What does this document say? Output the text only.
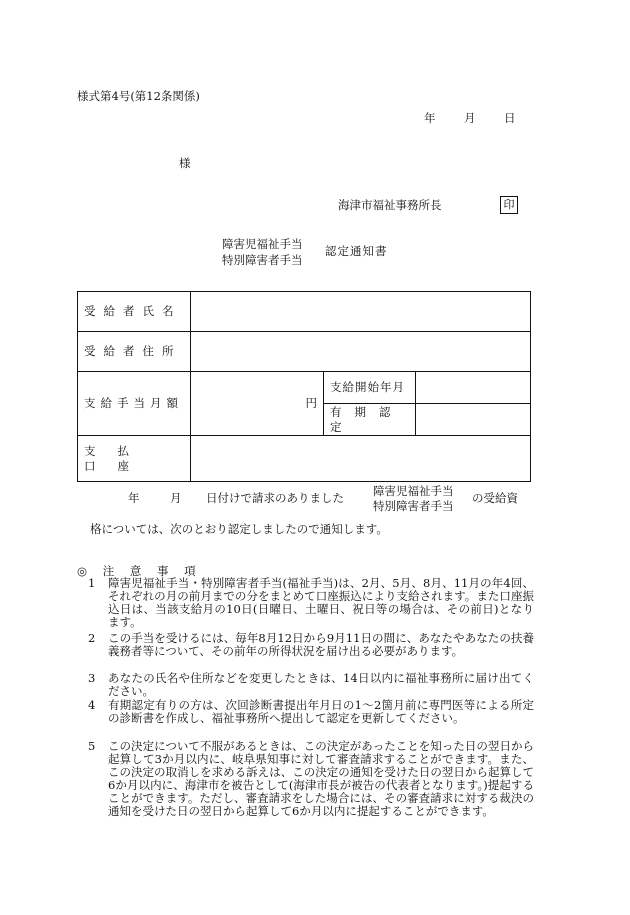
様式第4号(第12条関係)
年	月	日
様
海津市福祉事務所長	印
障害児福祉手当
特別障害者手当
認定通知書
受給者氏名			
受給者住所			
支給手当月額	円	支給開始年月	
		有期認定	
支払口座			
年	月 日付けで請求のありました	障害児福祉手当
特別障害者手当
の受給資
格については、次のとおり認定しましたので通知します。
◎ 注 意 事 項
1	障害児福祉手当・特別障害者手当(福祉手当)は、2月、5月、8月、11月の年4回、それぞれの月の前月までの分をまとめて口座振込により支給されます。また口座振込日は、当該支給月の10日(日曜日、土曜日、祝日等の場合は、その前日)となります。
2	この手当を受けるには、毎年8月12日から9月11日の間に、あなたやあなたの扶養義務者等について、その前年の所得状況を届け出る必要があります。
3	あなたの氏名や住所などを変更したときは、14日以内に福祉事務所に届け出てください。
4	有期認定有りの方は、次回診断書提出年月日の1〜2箇月前に専門医等による所定の診断書を作成し、福祉事務所へ提出して認定を更新してください。
5	この決定について不服があるときは、この決定があったことを知った日の翌日から起算して3か月以内に、岐阜県知事に対して審査請求することができます。また、この決定の取消しを求める訴えは、この決定の通知を受けた日の翌日から起算して6か月以内に、海津市を被告として(海津市長が被告の代表者となります。)提起することができます。ただし、審査請求をした場合には、その審査請求に対する裁決の通知を受けた日の翌日から起算して6か月以内に提起することができます。
